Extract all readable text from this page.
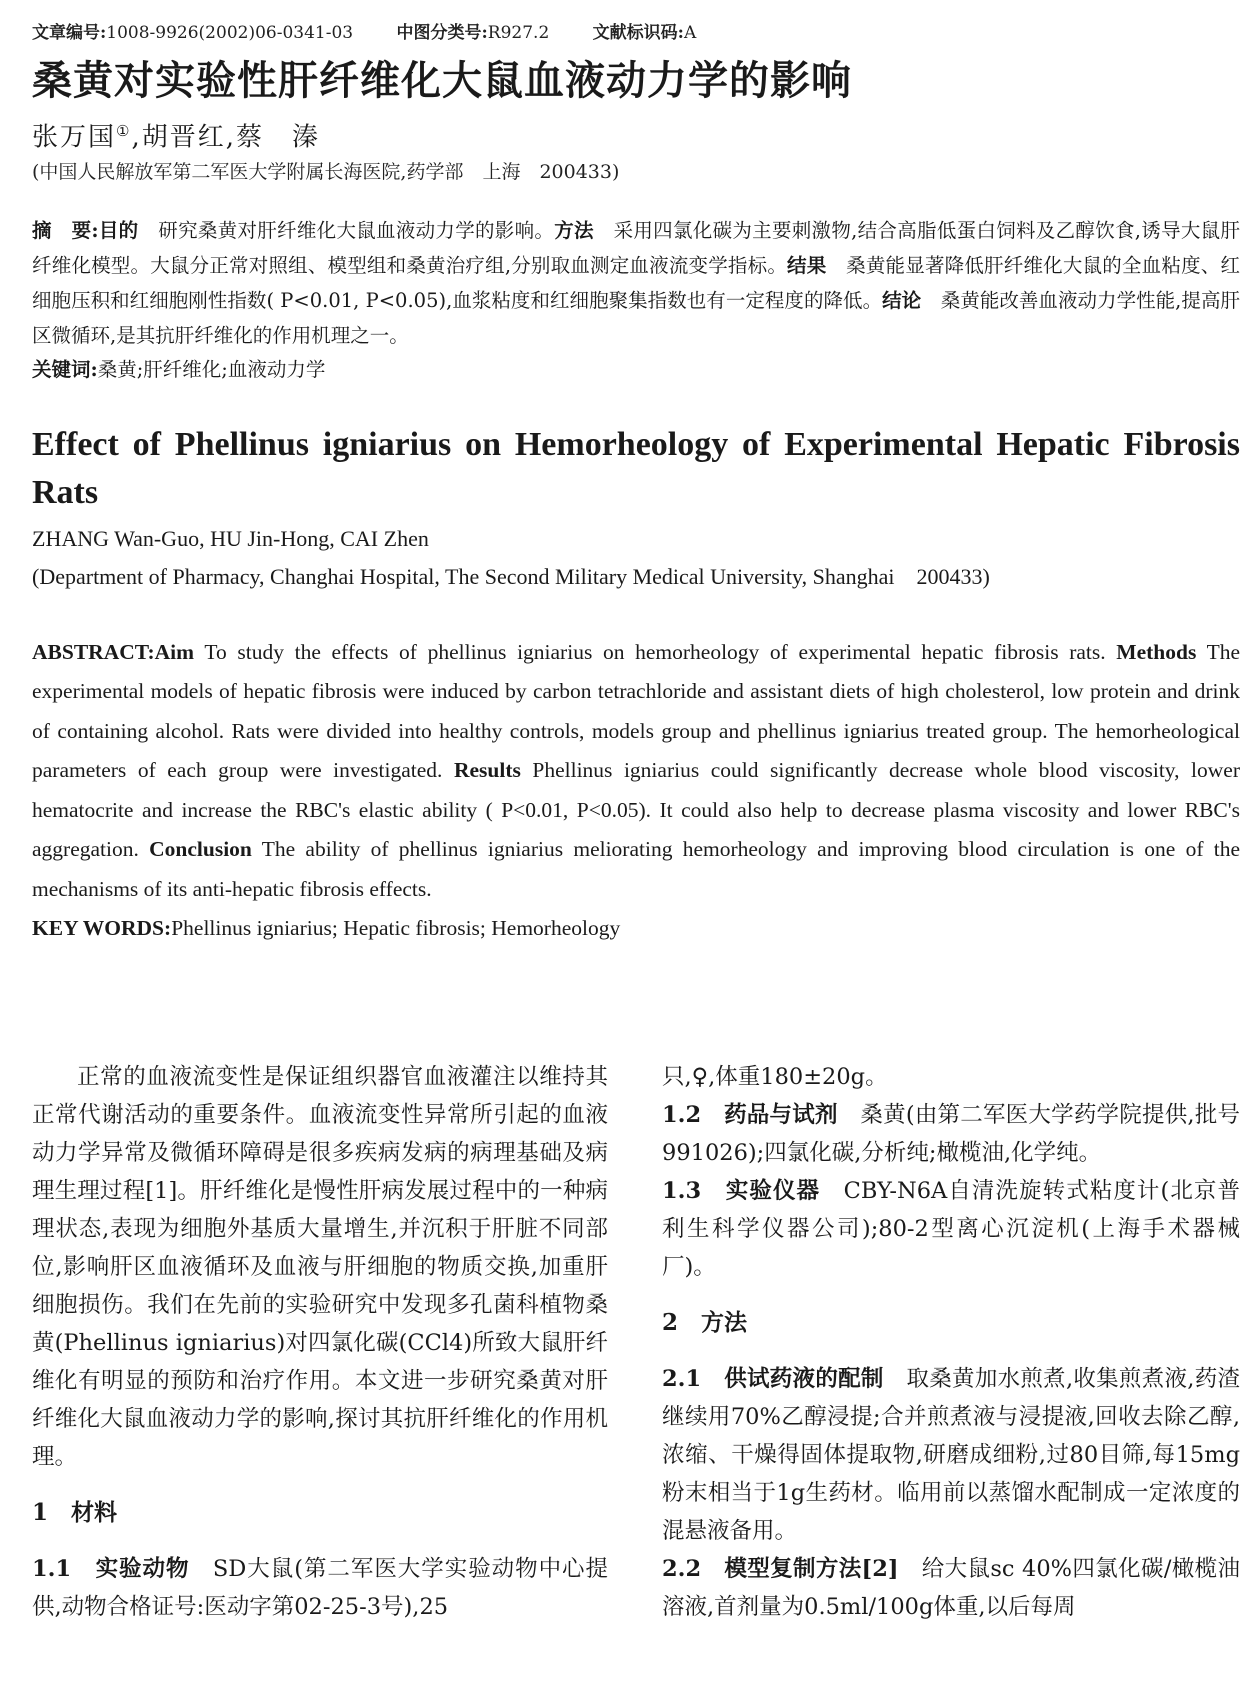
文章编号:1008-9926(2002)06-0341-03	中图分类号:R927.2	文献标识码:A
桑黄对实验性肝纤维化大鼠血液动力学的影响
张万国①,胡晋红,蔡　溱
(中国人民解放军第二军医大学附属长海医院,药学部　上海　200433)
摘　要:目的　研究桑黄对肝纤维化大鼠血液动力学的影响。方法　采用四氯化碳为主要刺激物,结合高脂低蛋白饲料及乙醇饮食,诱导大鼠肝纤维化模型。大鼠分正常对照组、模型组和桑黄治疗组,分别取血测定血液流变学指标。结果　桑黄能显著降低肝纤维化大鼠的全血粘度、红细胞压积和红细胞刚性指数( P<0.01, P<0.05),血浆粘度和红细胞聚集指数也有一定程度的降低。结论　桑黄能改善血液动力学性能,提高肝区微循环,是其抗肝纤维化的作用机理之一。
关键词:桑黄;肝纤维化;血液动力学
Effect of Phellinus igniarius on Hemorheology of Experimental Hepatic Fibrosis Rats
ZHANG Wan-Guo, HU Jin-Hong, CAI Zhen
(Department of Pharmacy, Changhai Hospital, The Second Military Medical University, Shanghai　200433)
ABSTRACT:Aim To study the effects of phellinus igniarius on hemorheology of experimental hepatic fibrosis rats. Methods The experimental models of hepatic fibrosis were induced by carbon tetrachloride and assistant diets of high cholesterol, low protein and drink of containing alcohol. Rats were divided into healthy controls, models group and phellinus igniarius treated group. The hemorheological parameters of each group were investigated. Results Phellinus igniarius could significantly decrease whole blood viscosity, lower hematocrite and increase the RBC's elastic ability ( P<0.01, P<0.05). It could also help to decrease plasma viscosity and lower RBC's aggregation. Conclusion The ability of phellinus igniarius meliorating hemorheology and improving blood circulation is one of the mechanisms of its anti-hepatic fibrosis effects.
KEY WORDS:Phellinus igniarius; Hepatic fibrosis; Hemorheology

正常的血液流变性是保证组织器官血液灌注以维持其正常代谢活动的重要条件。血液流变性异常所引起的血液动力学异常及微循环障碍是很多疾病发病的病理基础及病理生理过程[1]。肝纤维化是慢性肝病发展过程中的一种病理状态,表现为细胞外基质大量增生,并沉积于肝脏不同部位,影响肝区血液循环及血液与肝细胞的物质交换,加重肝细胞损伤。我们在先前的实验研究中发现多孔菌科植物桑黄(Phellinus igniarius)对四氯化碳(CCl4)所致大鼠肝纤维化有明显的预防和治疗作用。本文进一步研究桑黄对肝纤维化大鼠血液动力学的影响,探讨其抗肝纤维化的作用机理。

1　材料

1.1　实验动物　SD大鼠(第二军医大学实验动物中心提供,动物合格证号:医动字第02-25-3号),25

只,♀,体重180±20g。

1.2　药品与试剂　桑黄(由第二军医大学药学院提供,批号991026);四氯化碳,分析纯;橄榄油,化学纯。

1.3　实验仪器　CBY-N6A自清洗旋转式粘度计(北京普利生科学仪器公司);80-2型离心沉淀机(上海手术器械厂)。

2　方法

2.1　供试药液的配制　取桑黄加水煎煮,收集煎煮液,药渣继续用70%乙醇浸提;合并煎煮液与浸提液,回收去除乙醇,浓缩、干燥得固体提取物,研磨成细粉,过80目筛,每15mg粉末相当于1g生药材。临用前以蒸馏水配制成一定浓度的混悬液备用。

2.2　模型复制方法[2]　给大鼠sc 40%四氯化碳/橄榄油溶液,首剂量为0.5ml/100g体重,以后每周
